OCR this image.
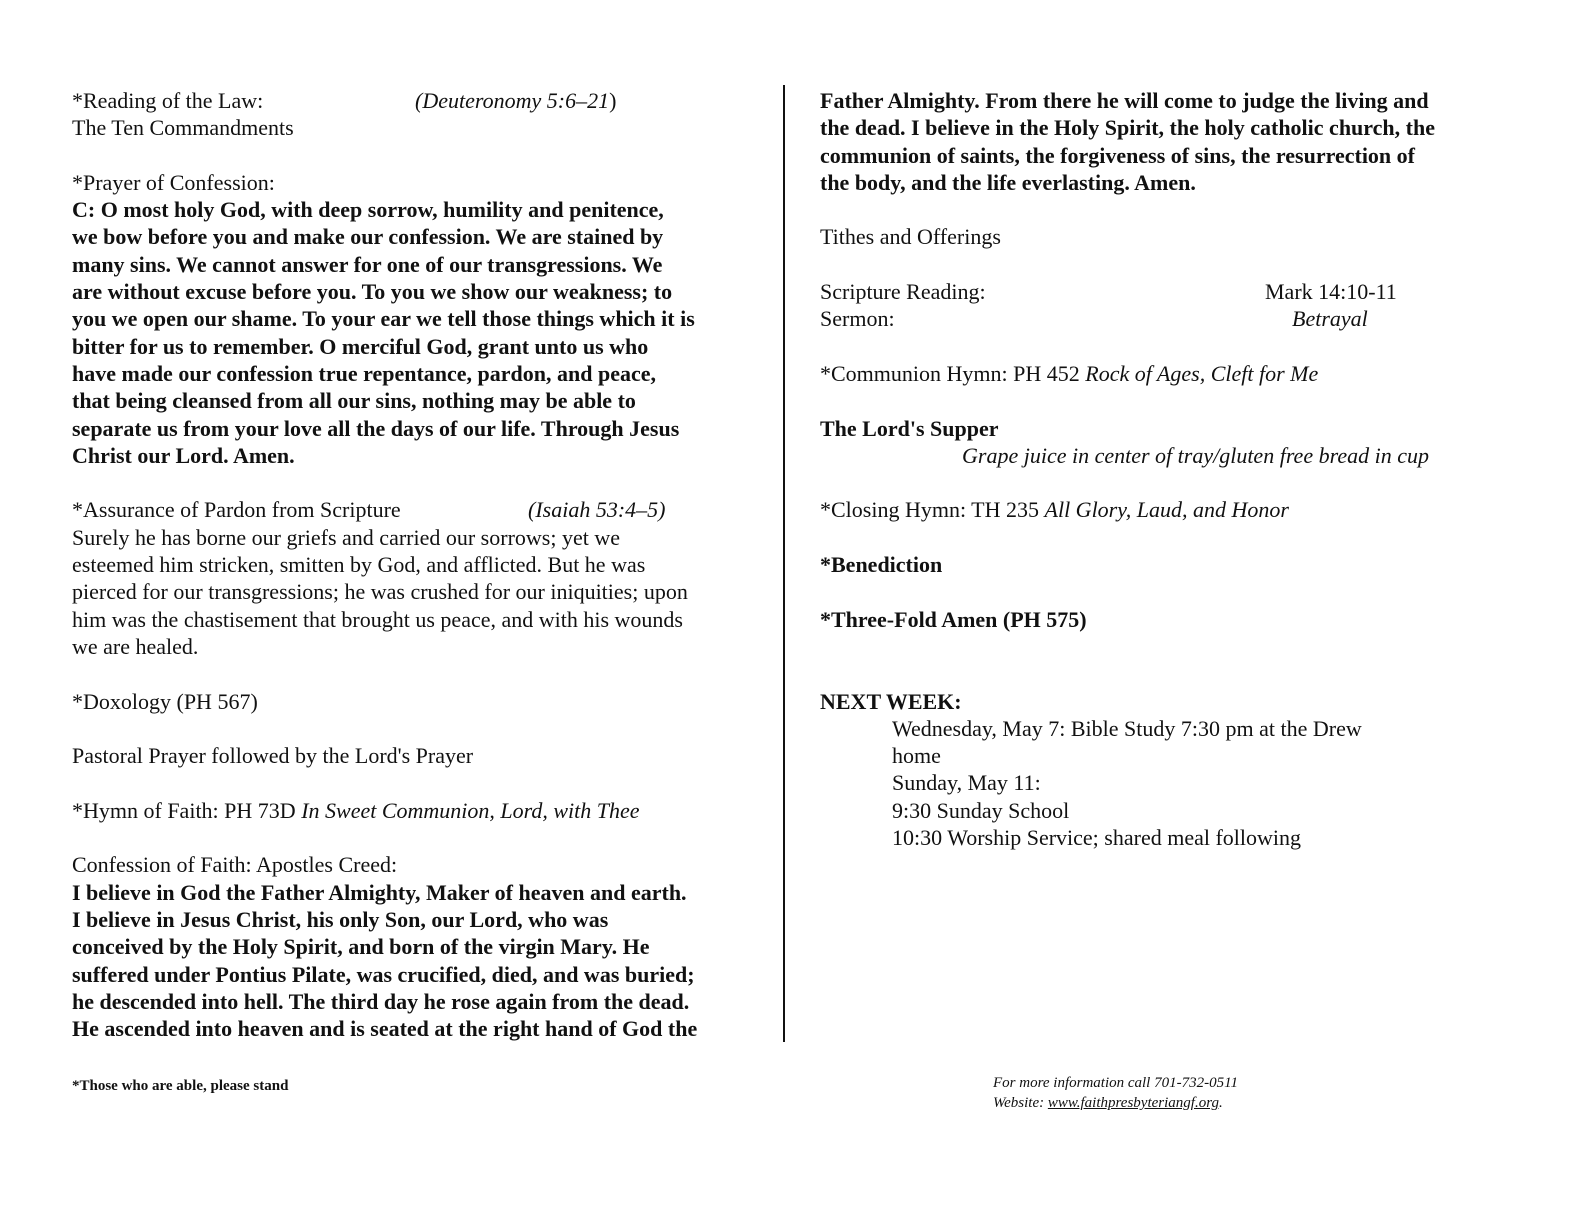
*Reading of the Law:	(Deuteronomy 5:6–21)
The Ten Commandments
*Prayer of Confession:
C: O most holy God, with deep sorrow, humility and penitence,
we bow before you and make our confession. We are stained by
many sins. We cannot answer for one of our transgressions. We
are without excuse before you. To you we show our weakness; to
you we open our shame. To your ear we tell those things which it is
bitter for us to remember. O merciful God, grant unto us who
have made our confession true repentance, pardon, and peace,
that being cleansed from all our sins, nothing may be able to
separate us from your love all the days of our life. Through Jesus
Christ our Lord. Amen.
*Assurance of Pardon from Scripture	(Isaiah 53:4–5)
Surely he has borne our griefs and carried our sorrows; yet we
esteemed him stricken, smitten by God, and afflicted. But he was
pierced for our transgressions; he was crushed for our iniquities; upon
him was the chastisement that brought us peace, and with his wounds
we are healed.
*Doxology (PH 567)
Pastoral Prayer followed by the Lord's Prayer
*Hymn of Faith: PH 73D In Sweet Communion, Lord, with Thee
Confession of Faith: Apostles Creed:
I believe in God the Father Almighty, Maker of heaven and earth.
I believe in Jesus Christ, his only Son, our Lord, who was
conceived by the Holy Spirit, and born of the virgin Mary. He
suffered under Pontius Pilate, was crucified, died, and was buried;
he descended into hell. The third day he rose again from the dead.
He ascended into heaven and is seated at the right hand of God the
Father Almighty. From there he will come to judge the living and
the dead. I believe in the Holy Spirit, the holy catholic church, the
communion of saints, the forgiveness of sins, the resurrection of
the body, and the life everlasting. Amen.
Tithes and Offerings
Scripture Reading:	Mark 14:10-11
Sermon:	Betrayal
*Communion Hymn: PH 452 Rock of Ages, Cleft for Me
The Lord's Supper
Grape juice in center of tray/gluten free bread in cup
*Closing Hymn: TH 235 All Glory, Laud, and Honor
*Benediction
*Three-Fold Amen (PH 575)
NEXT WEEK:
Wednesday, May 7: Bible Study 7:30 pm at the Drew
home
Sunday, May 11:
9:30 Sunday School
10:30 Worship Service; shared meal following
*Those who are able, please stand	For more information call 701-732-0511
Website: www.faithpresbyteriangf.org.
